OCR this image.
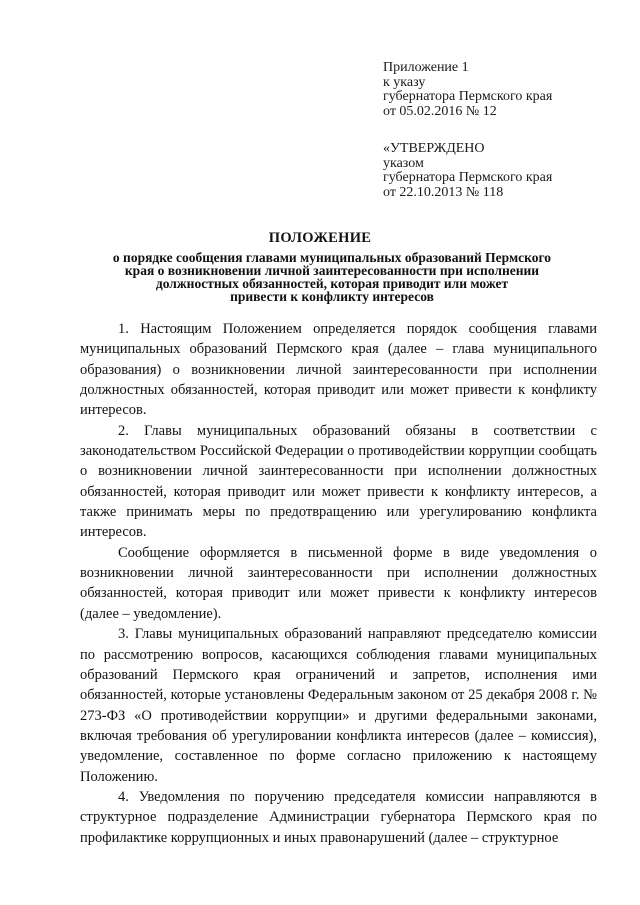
Приложение 1
к указу
губернатора Пермского края
от 05.02.2016 № 12
«УТВЕРЖДЕНО
указом
губернатора Пермского края
от 22.10.2013 № 118
ПОЛОЖЕНИЕ
о порядке сообщения главами муниципальных образований Пермского
края о возникновении личной заинтересованности при исполнении
должностных обязанностей, которая приводит или может
привести к конфликту интересов

1. Настоящим Положением определяется порядок сообщения главами муниципальных образований Пермского края (далее – глава муниципального образования) о возникновении личной заинтересованности при исполнении должностных обязанностей, которая приводит или может привести к конфликту интересов.

2. Главы муниципальных образований обязаны в соответствии с законодательством Российской Федерации о противодействии коррупции сообщать о возникновении личной заинтересованности при исполнении должностных обязанностей, которая приводит или может привести к конфликту интересов, а также принимать меры по предотвращению или урегулированию конфликта интересов.

Сообщение оформляется в письменной форме в виде уведомления о возникновении личной заинтересованности при исполнении должностных обязанностей, которая приводит или может привести к конфликту интересов (далее – уведомление).

3. Главы муниципальных образований направляют председателю комиссии по рассмотрению вопросов, касающихся соблюдения главами муниципальных образований Пермского края ограничений и запретов, исполнения ими обязанностей, которые установлены Федеральным законом от 25 декабря 2008 г. № 273-ФЗ «О противодействии коррупции» и другими федеральными законами, включая требования об урегулировании конфликта интересов (далее – комиссия), уведомление, составленное по форме согласно приложению к настоящему Положению.

4. Уведомления по поручению председателя комиссии направляются в структурное подразделение Администрации губернатора Пермского края по профилактике коррупционных и иных правонарушений (далее – структурное
